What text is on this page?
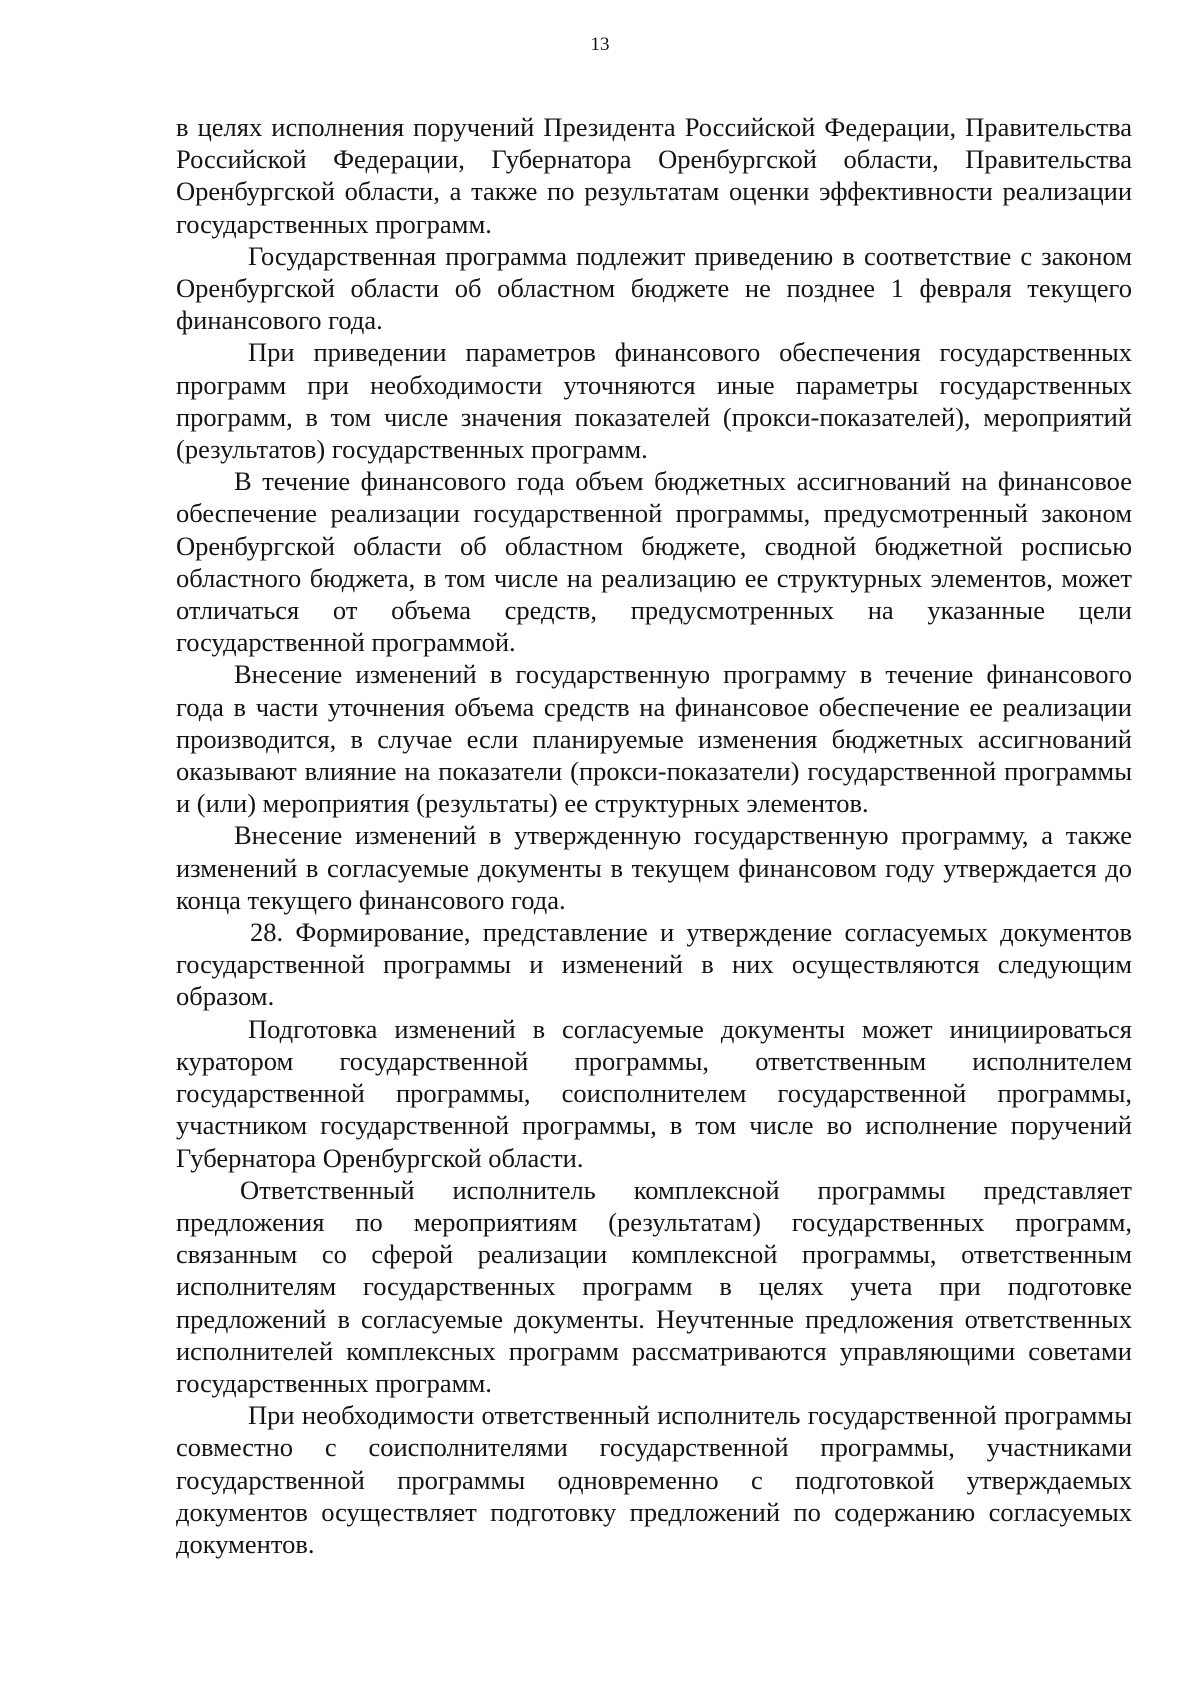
13

в целях исполнения поручений Президента Российской Федерации, Правительства Российской Федерации, Губернатора Оренбургской области, Правительства Оренбургской области, а также по результатам оценки эффективности реализации государственных программ.

Государственная программа подлежит приведению в соответствие с законом Оренбургской области об областном бюджете не позднее 1 февраля текущего финансового года.

При приведении параметров финансового обеспечения государственных программ при необходимости уточняются иные параметры государственных программ, в том числе значения показателей (прокси-показателей), мероприятий (результатов) государственных программ.

В течение финансового года объем бюджетных ассигнований на финансовое обеспечение реализации государственной программы, предусмотренный законом Оренбургской области об областном бюджете, сводной бюджетной росписью областного бюджета, в том числе на реализацию ее структурных элементов, может отличаться от объема средств, предусмотренных на указанные цели государственной программой.

Внесение изменений в государственную программу в течение финансового года в части уточнения объема средств на финансовое обеспечение ее реализации производится, в случае если планируемые изменения бюджетных ассигнований оказывают влияние на показатели (прокси-показатели) государственной программы и (или) мероприятия (результаты) ее структурных элементов.

Внесение изменений в утвержденную государственную программу, а также изменений в согласуемые документы в текущем финансовом году утверждается до конца текущего финансового года.

28. Формирование, представление и утверждение согласуемых документов государственной программы и изменений в них осуществляются следующим образом.

Подготовка изменений в согласуемые документы может инициироваться куратором государственной программы, ответственным исполнителем государственной программы, соисполнителем государственной программы, участником государственной программы, в том числе во исполнение поручений Губернатора Оренбургской области.

Ответственный исполнитель комплексной программы представляет предложения по мероприятиям (результатам) государственных программ, связанным со сферой реализации комплексной программы, ответственным исполнителям государственных программ в целях учета при подготовке предложений в согласуемые документы. Неучтенные предложения ответственных исполнителей комплексных программ рассматриваются управляющими советами государственных программ.

При необходимости ответственный исполнитель государственной программы совместно с соисполнителями государственной программы, участниками государственной программы одновременно с подготовкой утверждаемых документов осуществляет подготовку предложений по содержанию согласуемых документов.
